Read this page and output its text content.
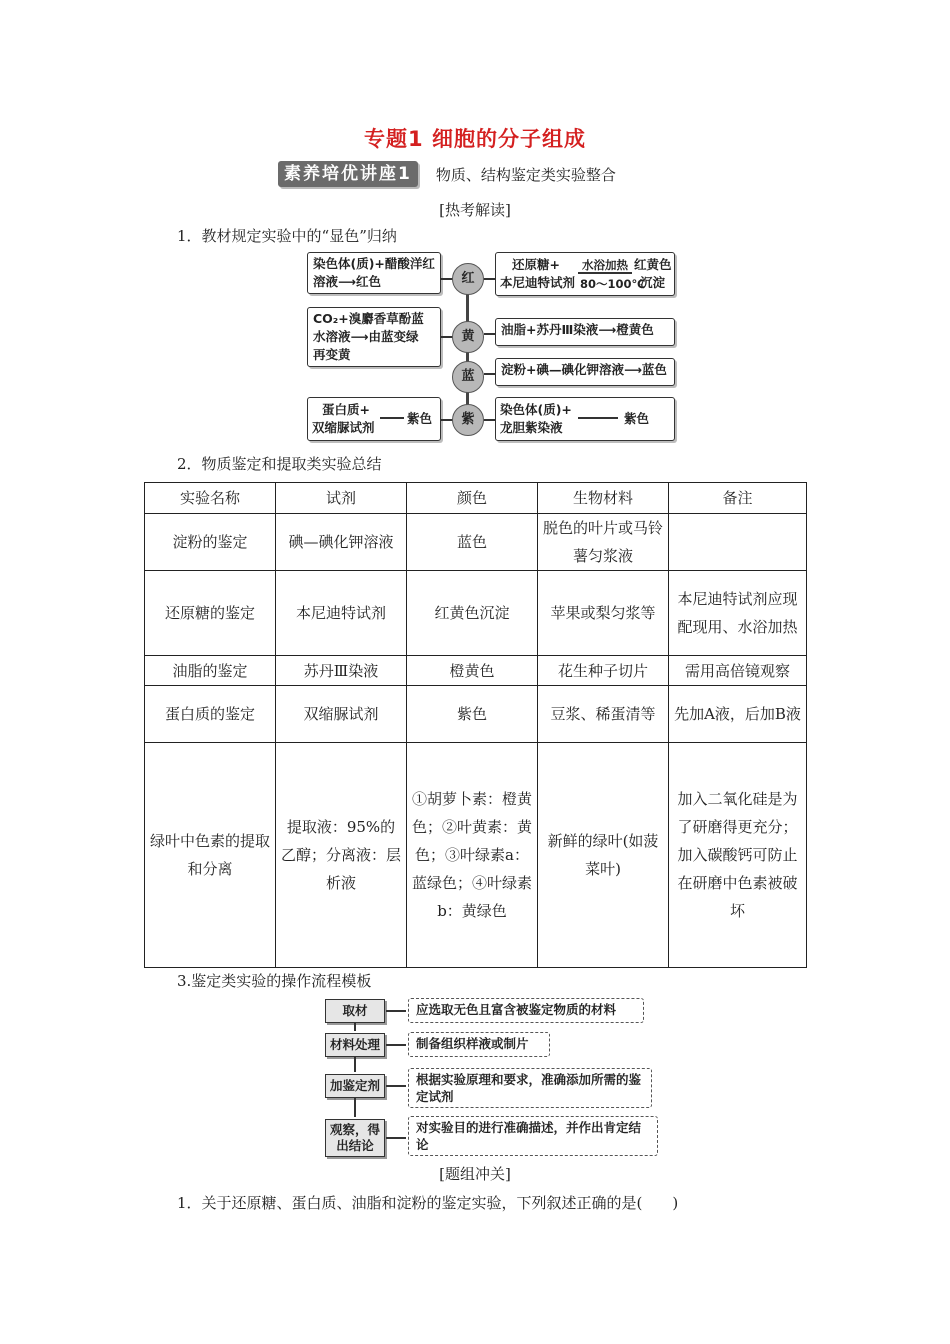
专题1 细胞的分子组成
素养培优讲座1	物质、结构鉴定类实验整合
[热考解读]
1．教材规定实验中的“显色”归纳
染色体(质)+醋酸洋红
溶液⟶红色	红
还原糖+
本尼迪特试剂
水浴加热
80～100℃
红黄色
沉淀
CO₂+溴麝香草酚蓝
水溶液⟶由蓝变绿
再变黄
黄	油脂+苏丹Ⅲ染液⟶橙黄色
蓝	淀粉+碘—碘化钾溶液⟶蓝色
蛋白质+
双缩脲试剂
紫色	紫
染色体(质)+
龙胆紫染液
紫色
2．物质鉴定和提取类实验总结
实验名称	试剂	颜色	生物材料	备注
淀粉的鉴定	碘—碘化钾溶液	蓝色	脱色的叶片或马铃薯匀浆液	
还原糖的鉴定	本尼迪特试剂	红黄色沉淀	苹果或梨匀浆等	本尼迪特试剂应现配现用、水浴加热
油脂的鉴定	苏丹Ⅲ染液	橙黄色	花生种子切片	需用高倍镜观察
蛋白质的鉴定	双缩脲试剂	紫色	豆浆、稀蛋清等	先加A液，后加B液
绿叶中色素的提取和分离	提取液：95%的乙醇；分离液：层析液	①胡萝卜素：橙黄色；②叶黄素：黄色；③叶绿素a：蓝绿色；④叶绿素b：黄绿色	新鲜的绿叶(如菠菜叶)	加入二氧化硅是为了研磨得更充分；加入碳酸钙可防止在研磨中色素被破坏
3.鉴定类实验的操作流程模板
取材
材料处理
加鉴定剂
观察，得出结论
应选取无色且富含被鉴定物质的材料
制备组织样液或制片
根据实验原理和要求，准确添加所需的鉴定试剂
对实验目的进行准确描述，并作出肯定结论
[题组冲关]
1．关于还原糖、蛋白质、油脂和淀粉的鉴定实验，下列叙述正确的是(　　)
